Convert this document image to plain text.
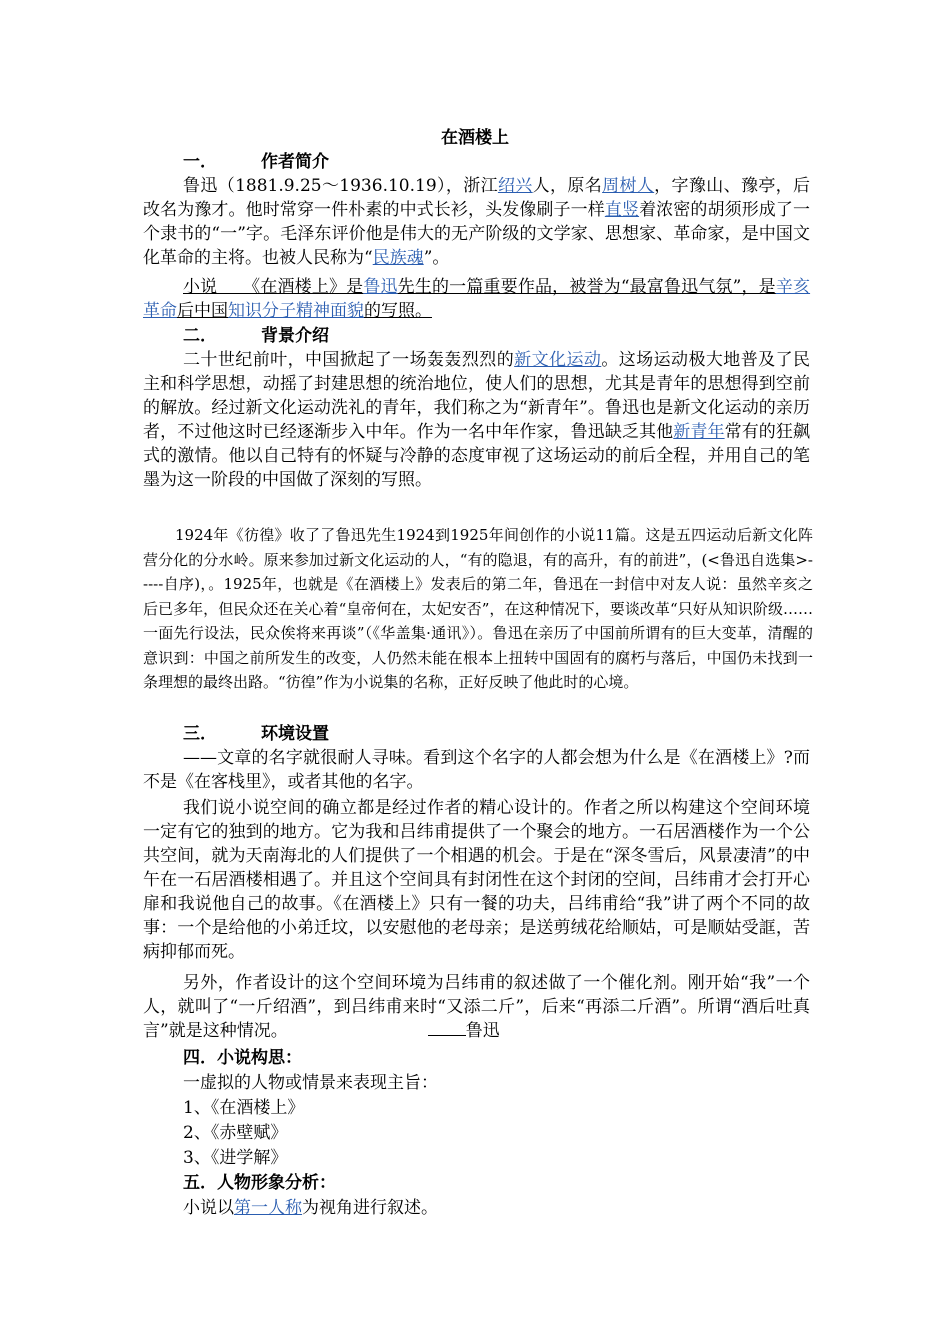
在酒楼上
一．	作者简介
鲁迅（1881.9.25～1936.10.19），浙江绍兴人，原名周树人，字豫山、豫亭，后改名为豫才。他时常穿一件朴素的中式长衫，头发像刷子一样直竖着浓密的胡须形成了一个隶书的“一”字。毛泽东评价他是伟大的无产阶级的文学家、思想家、革命家，是中国文化革命的主将。也被人民称为“民族魂”。
小说　　《在酒楼上》是鲁迅先生的一篇重要作品，被誉为“最富鲁迅气氛”，是辛亥革命后中国知识分子精神面貌的写照。
二．	背景介绍
二十世纪前叶，中国掀起了一场轰轰烈烈的新文化运动。这场运动极大地普及了民主和科学思想，动摇了封建思想的统治地位，使人们的思想，尤其是青年的思想得到空前的解放。经过新文化运动洗礼的青年，我们称之为“新青年”。鲁迅也是新文化运动的亲历者，不过他这时已经逐渐步入中年。作为一名中年作家，鲁迅缺乏其他新青年常有的狂飙式的激情。他以自己特有的怀疑与冷静的态度审视了这场运动的前后全程，并用自己的笔墨为这一阶段的中国做了深刻的写照。
1924年《彷徨》收了了鲁迅先生1924到1925年间创作的小说11篇。这是五四运动后新文化阵营分化的分水岭。原来参加过新文化运动的人，“有的隐退，有的高升，有的前进”，(<鲁迅自选集>-----自序)，。1925年，也就是《在酒楼上》发表后的第二年，鲁迅在一封信中对友人说：虽然辛亥之后已多年，但民众还在关心着“皇帝何在，太妃安否”，在这种情况下，要谈改革“只好从知识阶级……一面先行设法，民众俟将来再谈”（《华盖集·通讯》）。鲁迅在亲历了中国前所谓有的巨大变革，清醒的意识到：中国之前所发生的改变，人仍然未能在根本上扭转中国固有的腐朽与落后，中国仍未找到一条理想的最终出路。“彷徨”作为小说集的名称，正好反映了他此时的心境。
三．	环境设置
——文章的名字就很耐人寻味。看到这个名字的人都会想为什么是《在酒楼上》?而不是《在客栈里》，或者其他的名字。
我们说小说空间的确立都是经过作者的精心设计的。作者之所以构建这个空间环境一定有它的独到的地方。它为我和吕纬甫提供了一个聚会的地方。一石居酒楼作为一个公共空间，就为天南海北的人们提供了一个相遇的机会。于是在“深冬雪后，风景凄清”的中午在一石居酒楼相遇了。并且这个空间具有封闭性在这个封闭的空间，吕纬甫才会打开心扉和我说他自己的故事。《在酒楼上》只有一餐的功夫，吕纬甫给“我”讲了两个不同的故事：一个是给他的小弟迁坟，以安慰他的老母亲；是送剪绒花给顺姑，可是顺姑受誆，苦病抑郁而死。
另外，作者设计的这个空间环境为吕纬甫的叙述做了一个催化剂。刚开始“我”一个人，就叫了“一斤绍酒”，到吕纬甫来时“又添二斤”，后来“再添二斤酒”。所谓“酒后吐真言”就是这种情况。	鲁迅
四．小说构思：
一虚拟的人物或情景来表现主旨：
1、《在酒楼上》
2、《赤壁赋》
3、《进学解》
五．人物形象分析：
小说以第一人称为视角进行叙述。
